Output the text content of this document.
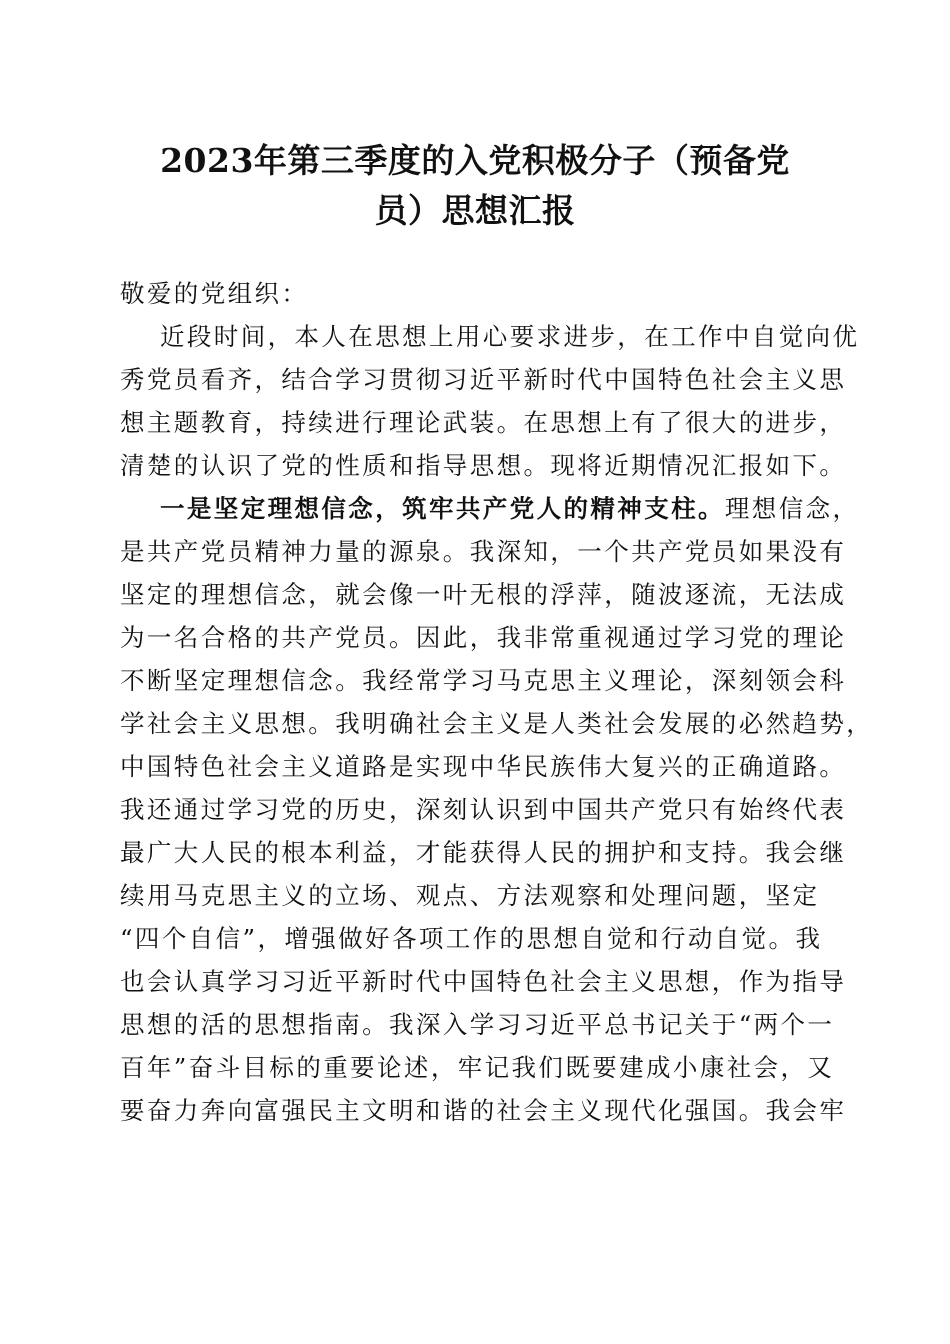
2023年第三季度的入党积极分子（预备党
员）思想汇报
敬爱的党组织：
近段时间，本人在思想上用心要求进步，在工作中自觉向优
秀党员看齐，结合学习贯彻习近平新时代中国特色社会主义思
想主题教育，持续进行理论武装。在思想上有了很大的进步，
清楚的认识了党的性质和指导思想。现将近期情况汇报如下。
一是坚定理想信念，筑牢共产党人的精神支柱。理想信念，
是共产党员精神力量的源泉。我深知，一个共产党员如果没有
坚定的理想信念，就会像一叶无根的浮萍，随波逐流，无法成
为一名合格的共产党员。因此，我非常重视通过学习党的理论
不断坚定理想信念。我经常学习马克思主义理论，深刻领会科
学社会主义思想。我明确社会主义是人类社会发展的必然趋势，
中国特色社会主义道路是实现中华民族伟大复兴的正确道路。
我还通过学习党的历史，深刻认识到中国共产党只有始终代表
最广大人民的根本利益，才能获得人民的拥护和支持。我会继
续用马克思主义的立场、观点、方法观察和处理问题，坚定
“四个自信”，增强做好各项工作的思想自觉和行动自觉。我
也会认真学习习近平新时代中国特色社会主义思想，作为指导
思想的活的思想指南。我深入学习习近平总书记关于“两个一
百年”奋斗目标的重要论述，牢记我们既要建成小康社会，又
要奋力奔向富强民主文明和谐的社会主义现代化强国。我会牢
